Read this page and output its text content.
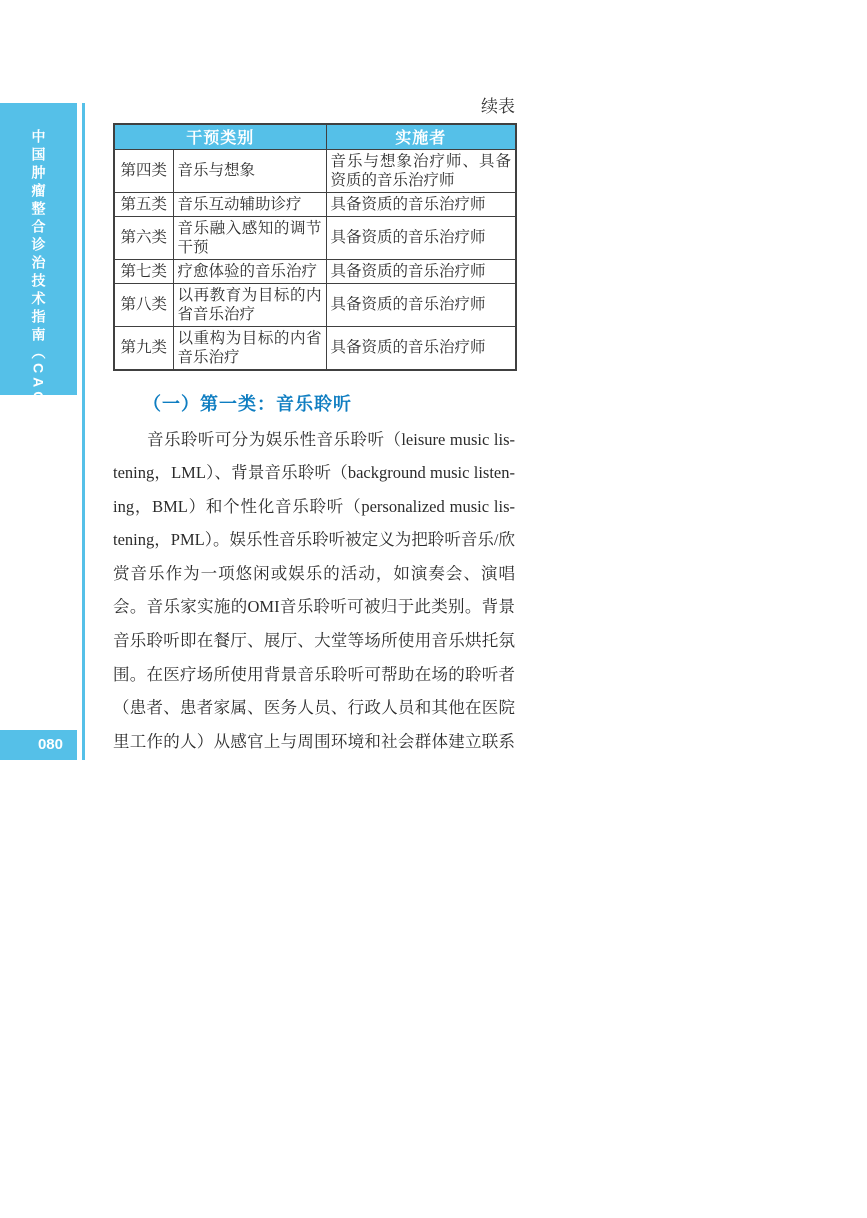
中国肿瘤整合诊治技术指南（CACA）
080
续表
干预类别		实施者
第四类	音乐与想象	音乐与想象治疗师、具备资质的音乐治疗师
第五类	音乐互动辅助诊疗	具备资质的音乐治疗师
第六类	音乐融入感知的调节干预	具备资质的音乐治疗师
第七类	疗愈体验的音乐治疗	具备资质的音乐治疗师
第八类	以再教育为目标的内省音乐治疗	具备资质的音乐治疗师
第九类	以重构为目标的内省音乐治疗	具备资质的音乐治疗师
（一）第一类：音乐聆听
音乐聆听可分为娱乐性音乐聆听（leisure music lis-
tening，LML）、背景音乐聆听（background music listen-
ing，BML）和个性化音乐聆听（personalized music lis-
tening，PML）。娱乐性音乐聆听被定义为把聆听音乐/欣
赏音乐作为一项悠闲或娱乐的活动，如演奏会、演唱
会。音乐家实施的OMI音乐聆听可被归于此类别。背景
音乐聆听即在餐厅、展厅、大堂等场所使用音乐烘托氛
围。在医疗场所使用背景音乐聆听可帮助在场的聆听者
（患者、患者家属、医务人员、行政人员和其他在医院
里工作的人）从感官上与周围环境和社会群体建立联系
